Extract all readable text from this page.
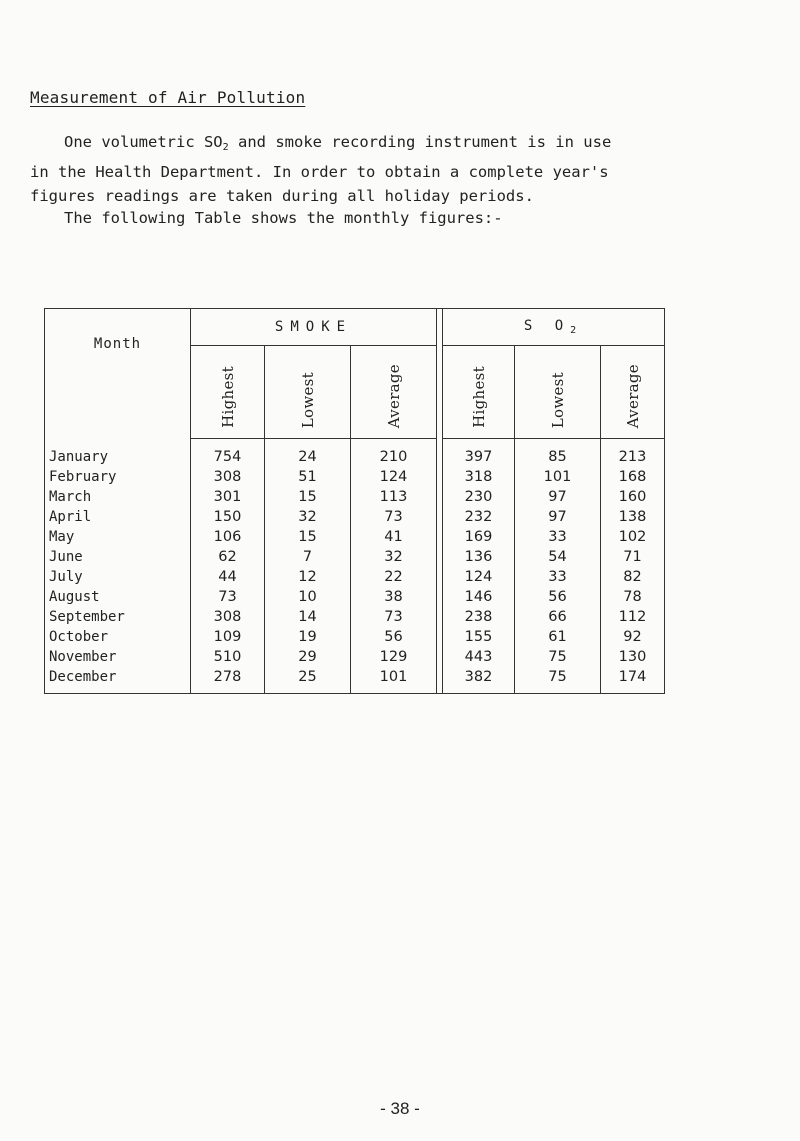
Measurement of Air Pollution
One volumetric $SO_2$ and smoke recording instrument is in use
in the Health Department. In order to obtain a complete year's
figures readings are taken during all holiday periods.
The following Table shows the monthly figures:-
Month	SMOKE				S $O_2$
	Highest	Lowest	Average		Highest	Lowest	Average
January	754	24	210		397	85	213
February	308	51	124		318	101	168
March	301	15	113		230	97	160
April	150	32	73		232	97	138
May	106	15	41		169	33	102
June	62	7	32		136	54	71
July	44	12	22		124	33	82
August	73	10	38		146	56	78
September	308	14	73		238	66	112
October	109	19	56		155	61	92
November	510	29	129		443	75	130
December	278	25	101		382	75	174
- 38 -
